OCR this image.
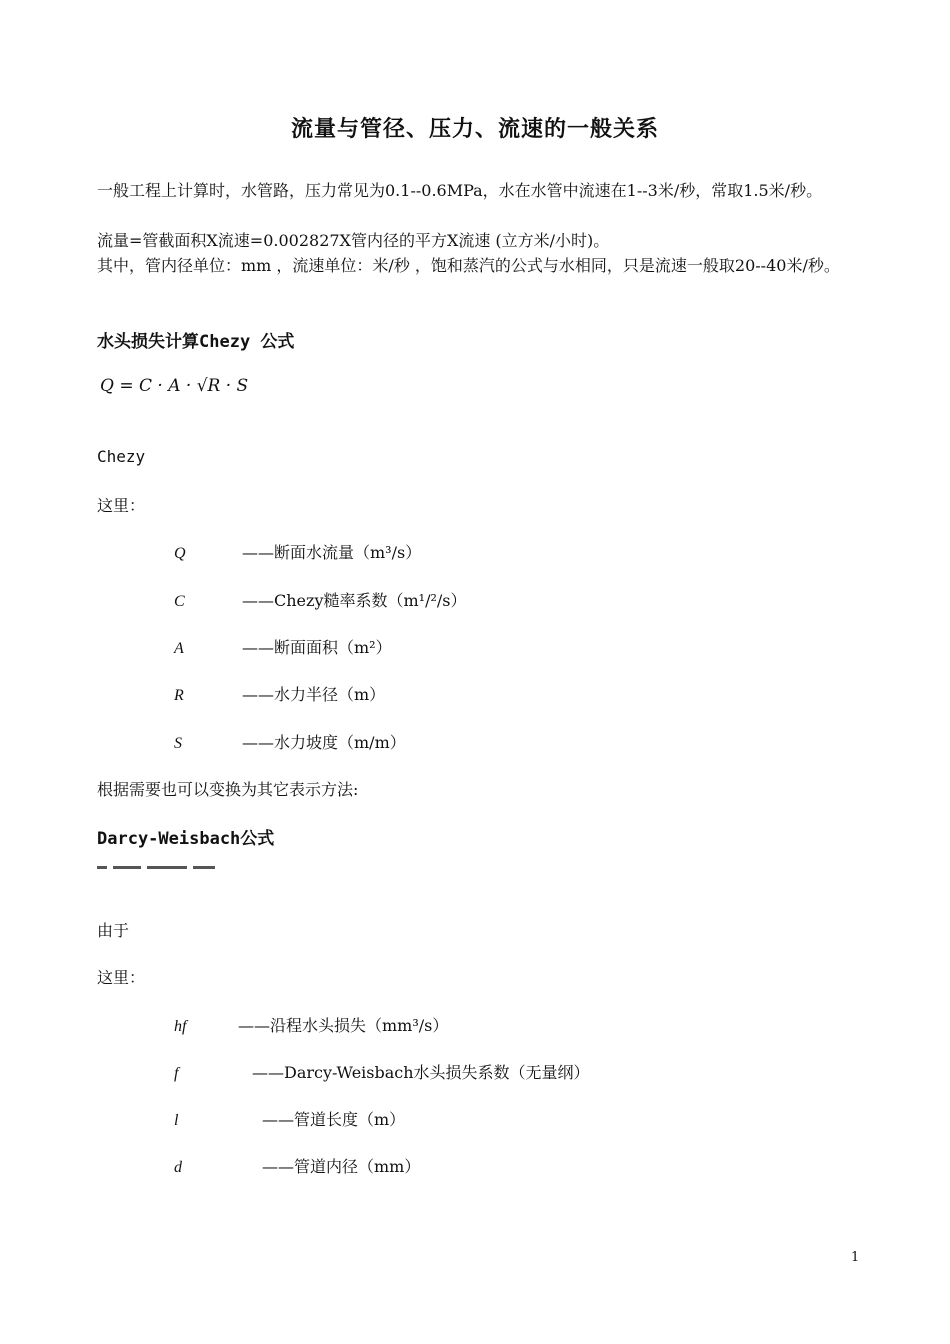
流量与管径、压力、流速的一般关系

一般工程上计算时，水管路，压力常见为0.1--0.6MPa，水在水管中流速在1--3米/秒，常取1.5米/秒。

流量=管截面积X流速=0.002827X管内径的平方X流速 (立方米/小时)。

其中，管内径单位：mm ，流速单位：米/秒 ，饱和蒸汽的公式与水相同，只是流速一般取20--40米/秒。

水头损失计算Chezy 公式
Q = C · A · √R · S

Chezy

这里：

Q	——断面水流量（m³/s）
C	——Chezy糙率系数（m¹/²/s）
A	——断面面积（m²）
R	——水力半径（m）
S	——水力坡度（m/m）

根据需要也可以变换为其它表示方法:

Darcy-Weisbach公式

由于

这里：

hf	——沿程水头损失（mm³/s）
f	——Darcy-Weisbach水头损失系数（无量纲）
l	——管道长度（m）
d	——管道内径（mm）
1
